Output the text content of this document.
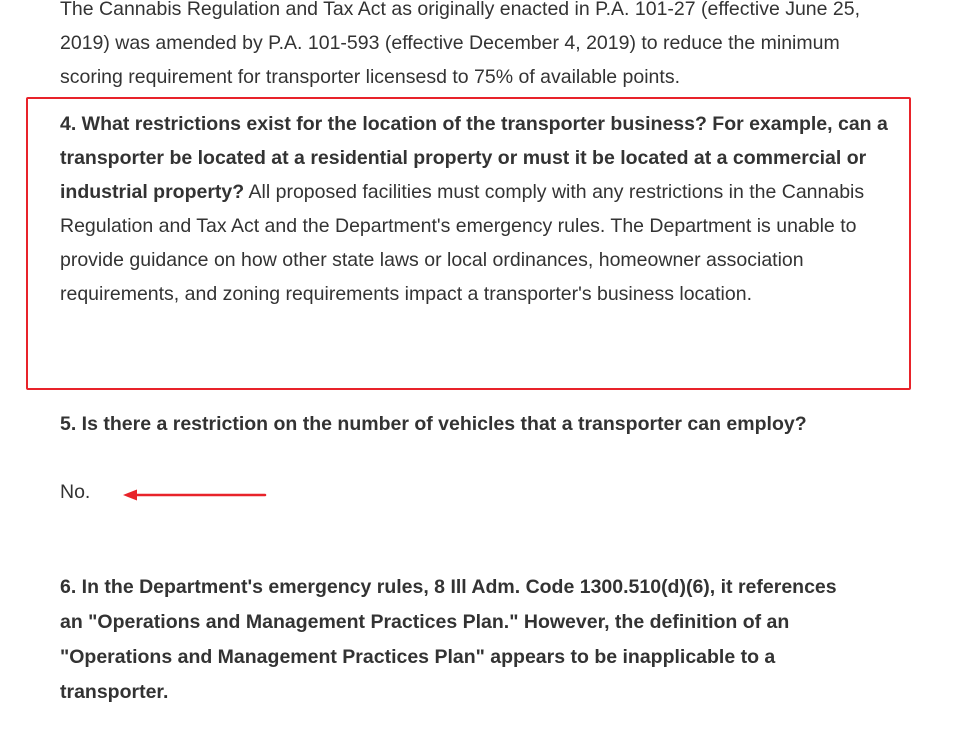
The Cannabis Regulation and Tax Act as originally enacted in P.A. 101-27 (effective June 25, 2019) was amended by P.A. 101-593 (effective December 4, 2019) to reduce the minimum scoring requirement for transporter licensesd to 75% of available points.

4. What restrictions exist for the location of the transporter business? For example, can a transporter be located at a residential property or must it be located at a commercial or industrial property? All proposed facilities must comply with any restrictions in the Cannabis Regulation and Tax Act and the Department's emergency rules. The Department is unable to provide guidance on how other state laws or local ordinances, homeowner association requirements, and zoning requirements impact a transporter's business location.

5. Is there a restriction on the number of vehicles that a transporter can employ?

No.

6. In the Department's emergency rules, 8 Ill Adm. Code 1300.510(d)(6), it references an "Operations and Management Practices Plan." However, the definition of an "Operations and Management Practices Plan" appears to be inapplicable to a transporter.
